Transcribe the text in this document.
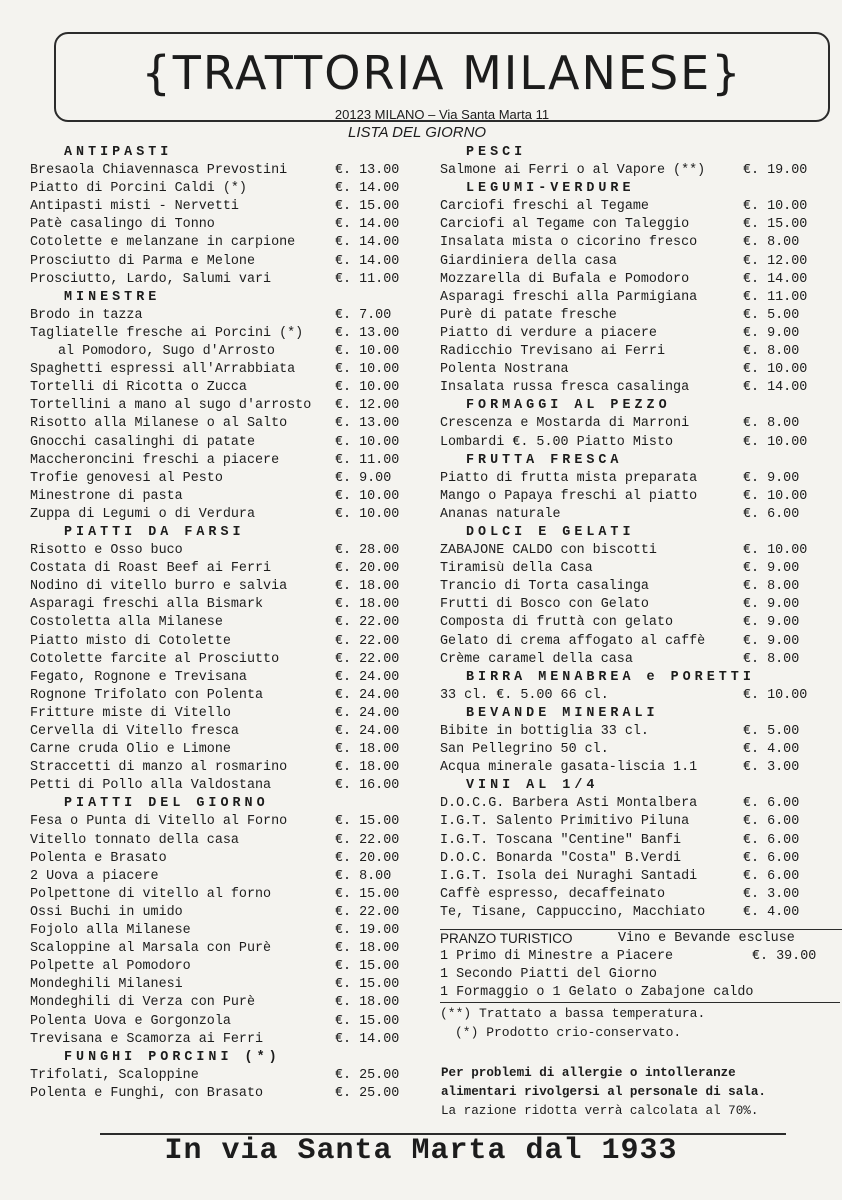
{TRATTORIA MILANESE}
20123 MILANO – Via Santa Marta 11
LISTA DEL GIORNO
ANTIPASTI
Bresaola Chiavennasca Prevostini	€. 13.00
Piatto di Porcini Caldi (*)	€. 14.00
Antipasti misti - Nervetti	€. 15.00
Patè casalingo di Tonno	€. 14.00
Cotolette e melanzane in carpione	€. 14.00
Prosciutto di Parma e Melone	€. 14.00
Prosciutto, Lardo, Salumi vari	€. 11.00
MINESTRE
Brodo in tazza	€. 7.00
Tagliatelle fresche ai Porcini (*) €. 13.00
al Pomodoro, Sugo d'Arrosto	€. 10.00
Spaghetti espressi all'Arrabbiata	€. 10.00
Tortelli di Ricotta o Zucca	€. 10.00
Tortellini a mano al sugo d'arrosto €. 12.00
Risotto alla Milanese o al Salto	€. 13.00
Gnocchi casalinghi di patate	€. 10.00
Maccheroncini freschi a piacere	€. 11.00
Trofie genovesi al Pesto	€. 9.00
Minestrone di pasta	€. 10.00
Zuppa di Legumi o di Verdura	€. 10.00
PIATTI DA FARSI
Risotto e Osso buco	€. 28.00
Costata di Roast Beef ai Ferri	€. 20.00
Nodino di vitello burro e salvia	€. 18.00
Asparagi freschi alla Bismark	€. 18.00
Costoletta alla Milanese	€. 22.00
Piatto misto di Cotolette	€. 22.00
Cotolette farcite al Prosciutto	€. 22.00
Fegato, Rognone e Trevisana	€. 24.00
Rognone Trifolato con Polenta	€. 24.00
Fritture miste di Vitello	€. 24.00
Cervella di Vitello fresca	€. 24.00
Carne cruda Olio e Limone	€. 18.00
Straccetti di manzo al rosmarino	€. 18.00
Petti di Pollo alla Valdostana	€. 16.00
PIATTI DEL GIORNO
Fesa o Punta di Vitello al Forno	€. 15.00
Vitello tonnato della casa	€. 22.00
Polenta e Brasato	€. 20.00
2 Uova a piacere	€. 8.00
Polpettone di vitello al forno	€. 15.00
Ossi Buchi in umido	€. 22.00
Fojolo alla Milanese	€. 19.00
Scaloppine al Marsala con Purè	€. 18.00
Polpette al Pomodoro	€. 15.00
Mondeghili Milanesi	€. 15.00
Mondeghili di Verza con Purè	€. 18.00
Polenta Uova e Gorgonzola	€. 15.00
Trevisana e Scamorza ai Ferri	€. 14.00
FUNGHI PORCINI (*)
Trifolati, Scaloppine	€. 25.00
Polenta e Funghi, con Brasato	€. 25.00
PESCI
Salmone ai Ferri o al Vapore (**)	€. 19.00
LEGUMI-VERDURE
Carciofi freschi al Tegame	€. 10.00
Carciofi al Tegame con Taleggio	€. 15.00
Insalata mista o cicorino fresco	€. 8.00
Giardiniera della casa	€. 12.00
Mozzarella di Bufala e Pomodoro	€. 14.00
Asparagi freschi alla Parmigiana	€. 11.00
Purè di patate fresche	€. 5.00
Piatto di verdure a piacere	€. 9.00
Radicchio Trevisano ai Ferri	€. 8.00
Polenta Nostrana	€. 10.00
Insalata russa fresca casalinga	€. 14.00
FORMAGGI AL PEZZO
Crescenza e Mostarda di Marroni	€. 8.00
Lombardi €. 5.00 Piatto Misto	€. 10.00
FRUTTA FRESCA
Piatto di frutta mista preparata	€. 9.00
Mango o Papaya freschi al piatto	€. 10.00
Ananas naturale	€. 6.00
DOLCI E GELATI
ZABAJONE CALDO con biscotti	€. 10.00
Tiramisù della Casa	€. 9.00
Trancio di Torta casalinga	€. 8.00
Frutti di Bosco con Gelato	€. 9.00
Composta di fruttà con gelato	€. 9.00
Gelato di crema affogato al caffè	€. 9.00
Crème caramel della casa	€. 8.00
BIRRA MENABREA e PORETTI
33 cl. €. 5.00 66 cl.	€. 10.00
BEVANDE MINERALI
Bibite in bottiglia 33 cl.	€. 5.00
San Pellegrino 50 cl.	€. 4.00
Acqua minerale gasata-liscia 1.1	€. 3.00
VINI AL 1/4
D.O.C.G. Barbera Asti Montalbera	€. 6.00
I.G.T. Salento Primitivo Piluna	€. 6.00
I.G.T. Toscana "Centine" Banfi	€. 6.00
D.O.C. Bonarda "Costa" B.Verdi	€. 6.00
I.G.T. Isola dei Nuraghi Santadi	€. 6.00
Caffè espresso, decaffeinato	€. 3.00
Te, Tisane, Cappuccino, Macchiato	€. 4.00
PRANZO TURISTICO	Vino e Bevande escluse
1 Primo di Minestre a Piacere	€. 39.00
1 Secondo Piatti del Giorno
1 Formaggio o 1 Gelato o Zabajone caldo
(**) Trattato a bassa temperatura.
(*) Prodotto crio-conservato.
Per problemi di allergie o intolleranze
alimentari rivolgersi al personale di sala.
La razione ridotta verrà calcolata al 70%.
In via Santa Marta dal 1933
